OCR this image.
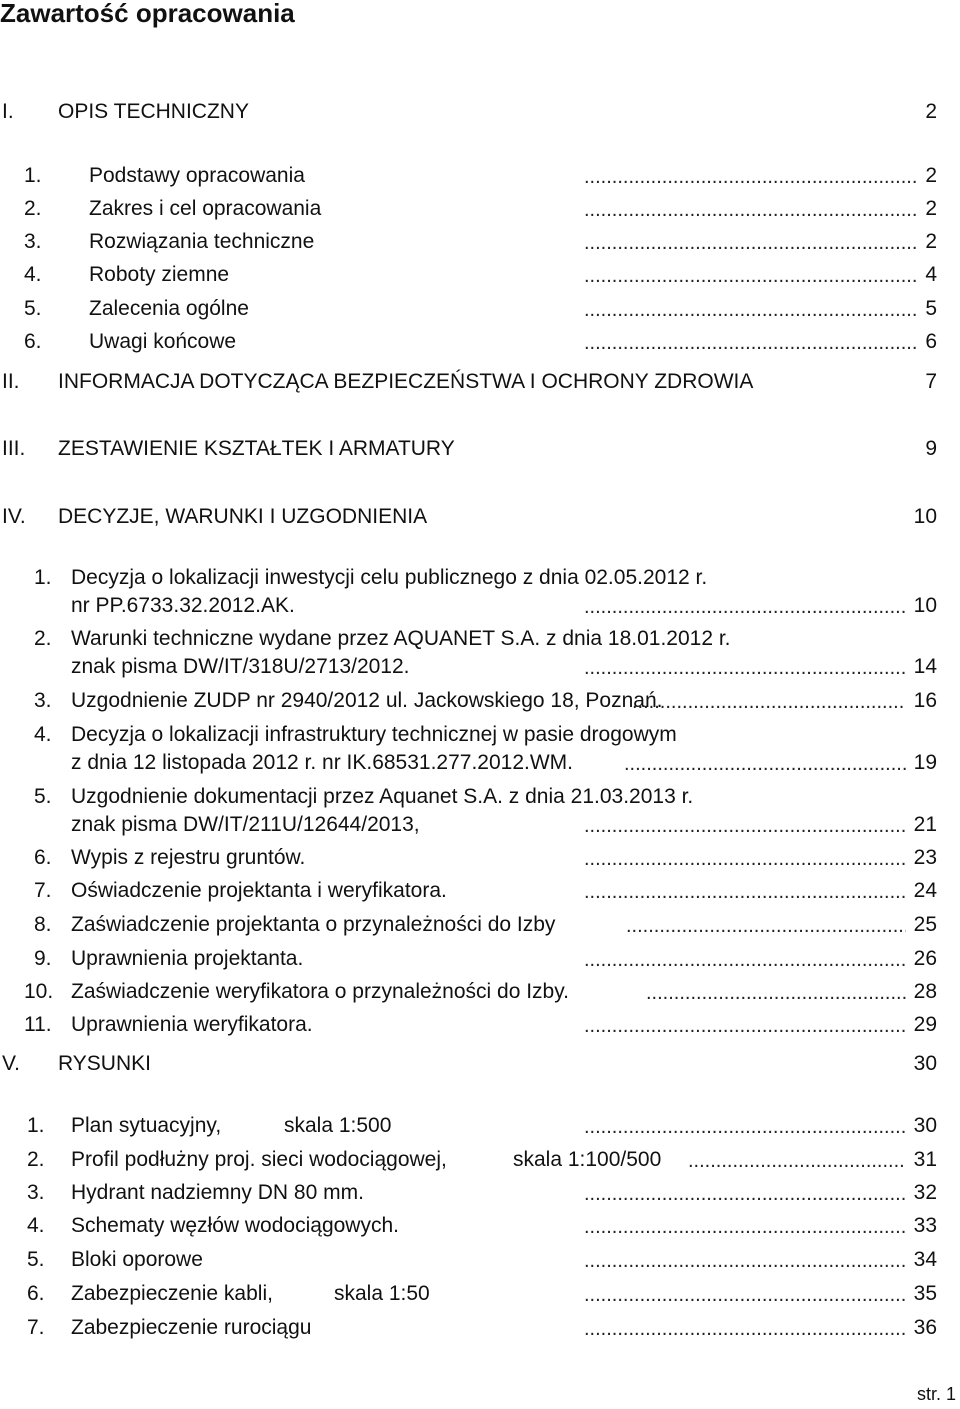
Zawartość opracowania
I. OPIS TECHNICZNY	2
1. Podstawy opracowania .....	2
2. Zakres i cel opracowania .....	2
3. Rozwiązania techniczne .....	2
4. Roboty ziemne .....	4
5. Zalecenia ogólne .....	5
6. Uwagi końcowe .....	6
II. INFORMACJA DOTYCZĄCA BEZPIECZEŃSTWA I OCHRONY ZDROWIA	7
III. ZESTAWIENIE KSZTAŁTEK I ARMATURY	9
IV. DECYZJE, WARUNKI I UZGODNIENIA	10
1. Decyzja o lokalizacji inwestycji celu publicznego z dnia 02.05.2012 r.
nr PP.6733.32.2012.AK. .....	10
2. Warunki techniczne wydane przez AQUANET S.A. z dnia 18.01.2012 r.
znak pisma DW/IT/318U/2713/2012. .....	14
3. Uzgodnienie ZUDP nr 2940/2012 ul. Jackowskiego 18, Poznań. .....	16
4. Decyzja o lokalizacji infrastruktury technicznej w pasie drogowym
z dnia 12 listopada 2012 r. nr IK.68531.277.2012.WM. .....	19
5. Uzgodnienie dokumentacji przez Aquanet S.A. z dnia 21.03.2013 r.
znak pisma DW/IT/211U/12644/2013, .....	21
6. Wypis z rejestru gruntów. .....	23
7. Oświadczenie projektanta i weryfikatora. .....	24
8. Zaświadczenie projektanta o przynależności do Izby .....	25
9. Uprawnienia projektanta. .....	26
10. Zaświadczenie weryfikatora o przynależności do Izby. .....	28
11. Uprawnienia weryfikatora. .....	29
V. RYSUNKI	30
1. Plan sytuacyjny,	skala 1:500 .....	30
2. Profil podłużny proj. sieci wodociągowej,	skala 1:100/500 .....	31
3. Hydrant nadziemny DN 80 mm. .....	32
4. Schematy węzłów wodociągowych. .....	33
5. Bloki oporowe .....	34
6. Zabezpieczenie kabli,	skala 1:50 .....	35
7. Zabezpieczenie rurociągu .....	36
str. 1
